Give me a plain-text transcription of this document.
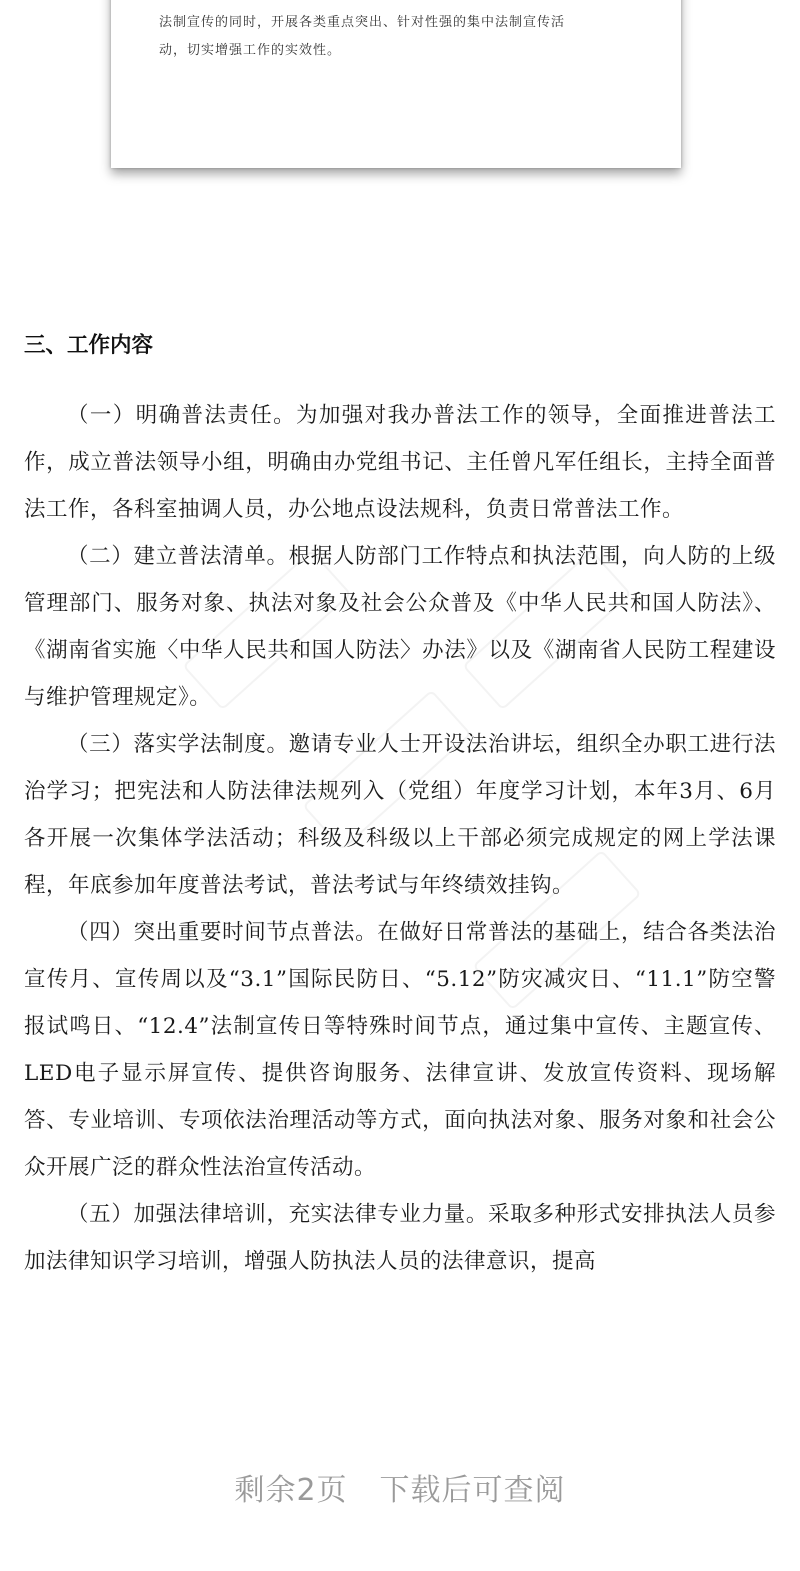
法制宣传的同时，开展各类重点突出、针对性强的集中法制宣传活
动，切实增强工作的实效性。
三、工作内容

（一）明确普法责任。为加强对我办普法工作的领导，全面推进普法工作，成立普法领导小组，明确由办党组书记、主任曾凡军任组长，主持全面普法工作，各科室抽调人员，办公地点设法规科，负责日常普法工作。

（二）建立普法清单。根据人防部门工作特点和执法范围，向人防的上级管理部门、服务对象、执法对象及社会公众普及《中华人民共和国人防法》、《湖南省实施〈中华人民共和国人防法〉办法》以及《湖南省人民防工程建设与维护管理规定》。

（三）落实学法制度。邀请专业人士开设法治讲坛，组织全办职工进行法治学习；把宪法和人防法律法规列入（党组）年度学习计划，本年3月、6月各开展一次集体学法活动；科级及科级以上干部必须完成规定的网上学法课程，年底参加年度普法考试，普法考试与年终绩效挂钩。

（四）突出重要时间节点普法。在做好日常普法的基础上，结合各类法治宣传月、宣传周以及“3.1”国际民防日、“5.12”防灾减灾日、“11.1”防空警报试鸣日、“12.4”法制宣传日等特殊时间节点，通过集中宣传、主题宣传、LED电子显示屏宣传、提供咨询服务、法律宣讲、发放宣传资料、现场解答、专业培训、专项依法治理活动等方式，面向执法对象、服务对象和社会公众开展广泛的群众性法治宣传活动。

（五）加强法律培训，充实法律专业力量。采取多种形式安排执法人员参加法律知识学习培训，增强人防执法人员的法律意识，提高

剩余2页 下载后可查阅
